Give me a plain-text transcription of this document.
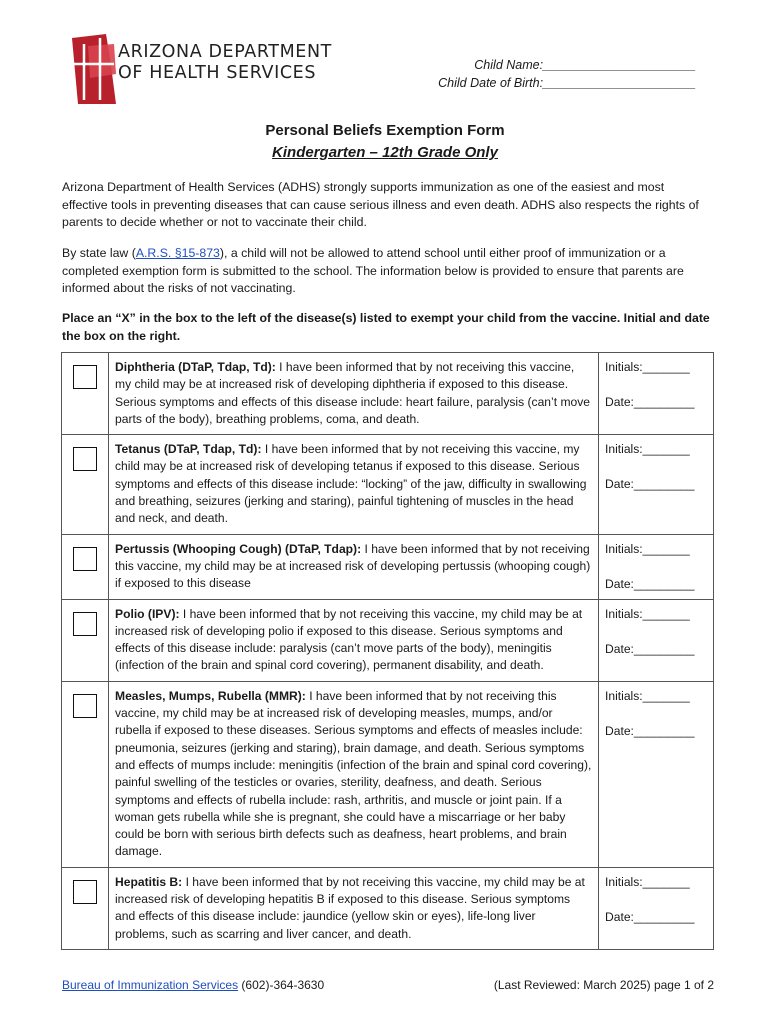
ARIZONA DEPARTMENT
OF HEALTH SERVICES	Child Name:______________________
Child Date of Birth:______________________
Personal Beliefs Exemption Form
Kindergarten – 12th Grade Only
Arizona Department of Health Services (ADHS) strongly supports immunization as one of the easiest and most effective tools in preventing diseases that can cause serious illness and even death. ADHS also respects the rights of parents to decide whether or not to vaccinate their child.
By state law (A.R.S. §15-873), a child will not be allowed to attend school until either proof of immunization or a completed exemption form is submitted to the school. The information below is provided to ensure that parents are informed about the risks of not vaccinating.
Place an “X” in the box to the left of the disease(s) listed to exempt your child from the vaccine. Initial and date the box on the right.
	Diphtheria (DTaP, Tdap, Td): I have been informed that by not receiving this vaccine, my child may be at increased risk of developing diphtheria if exposed to this disease. Serious symptoms and effects of this disease include: heart failure, paralysis (can’t move parts of the body), breathing problems, coma, and death.	Initials:_______
Date:_________

	Tetanus (DTaP, Tdap, Td): I have been informed that by not receiving this vaccine, my child may be at increased risk of developing tetanus if exposed to this disease. Serious symptoms and effects of this disease include: “locking” of the jaw, difficulty in swallowing and breathing, seizures (jerking and staring), painful tightening of muscles in the head and neck, and death.	Initials:_______
Date:_________

	Pertussis (Whooping Cough) (DTaP, Tdap): I have been informed that by not receiving this vaccine, my child may be at increased risk of developing pertussis (whooping cough) if exposed to this disease	Initials:_______
Date:_________

	Polio (IPV): I have been informed that by not receiving this vaccine, my child may be at increased risk of developing polio if exposed to this disease. Serious symptoms and effects of this disease include: paralysis (can’t move parts of the body), meningitis (infection of the brain and spinal cord covering), permanent disability, and death.	Initials:_______
Date:_________

	Measles, Mumps, Rubella (MMR): I have been informed that by not receiving this vaccine, my child may be at increased risk of developing measles, mumps, and/or rubella if exposed to these diseases. Serious symptoms and effects of measles include: pneumonia, seizures (jerking and staring), brain damage, and death. Serious symptoms and effects of mumps include: meningitis (infection of the brain and spinal cord covering), painful swelling of the testicles or ovaries, sterility, deafness, and death. Serious symptoms and effects of rubella include: rash, arthritis, and muscle or joint pain. If a woman gets rubella while she is pregnant, she could have a miscarriage or her baby could be born with serious birth defects such as deafness, heart problems, and brain damage.	Initials:_______
Date:_________

	Hepatitis B: I have been informed that by not receiving this vaccine, my child may be at increased risk of developing hepatitis B if exposed to this disease. Serious symptoms and effects of this disease include: jaundice (yellow skin or eyes), life-long liver problems, such as scarring and liver cancer, and death.	Initials:_______
Date:_________
Bureau of Immunization Services (602)-364-3630	(Last Reviewed: March 2025) page 1 of 2
